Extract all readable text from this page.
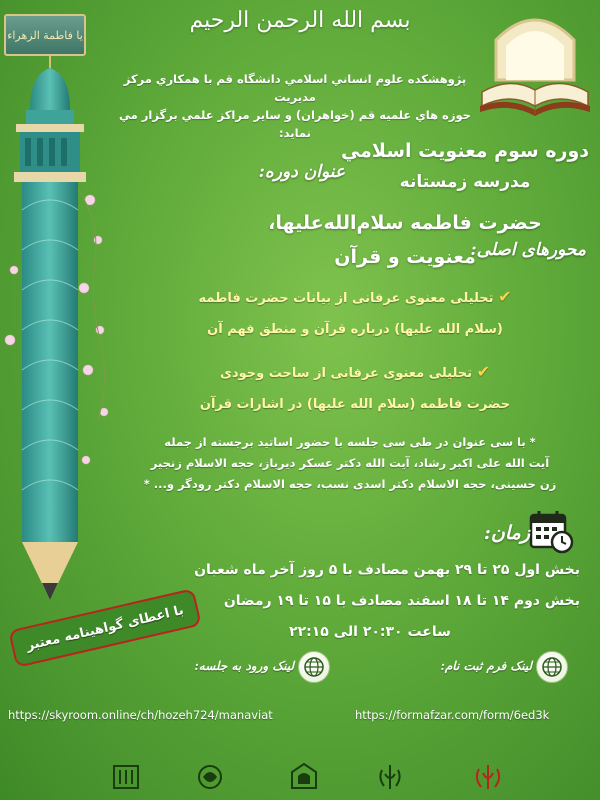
يا فاطمة الزهراء
بسم الله الرحمن الرحيم
پژوهشكده علوم انساني اسلامي دانشگاه قم با همكاري مركز مديريت
حوزه هاي علميه قم (خواهران) و ساير مراكز علمي برگزار مي نمايد:
دوره سوم معنويت اسلامي
مدرسه زمستانه
عنوان دوره:
حضرت فاطمه سلام‌الله‌علیها،
معنویت و قرآن
محورهای اصلی:
✔ تحلیلی معنوی عرفانی از بیانات حضرت فاطمه
(سلام الله علیها) درباره قرآن و منطق فهم آن
✔ تحلیلی معنوی عرفانی از ساحت وجودی
حضرت فاطمه (سلام الله علیها) در اشارات قرآن
* با سی عنوان در طی سی جلسه با حضور اساتید برجسته از جمله
آیت الله علی اکبر رشاد، آیت الله دکتر عسکر دیرباز، حجه الاسلام زنجیر
زن حسینی، حجه الاسلام دکتر اسدی نسب، حجه الاسلام دکتر رودگر و... *
زمان:
بخش اول ۲۵ تا ۲۹ بهمن مصادف با ۵ روز آخر ماه شعبان
بخش دوم ۱۴ تا ۱۸ اسفند مصادف با ۱۵ تا ۱۹ رمضان
ساعت ۲۰:۳۰ الی ۲۲:۱۵
با اعطای گواهینامه معتبر
لینک فرم ثبت نام:
لینک ورود به جلسه:
https://formafzar.com/form/6ed3k
https://skyroom.online/ch/hozeh724/manaviat
